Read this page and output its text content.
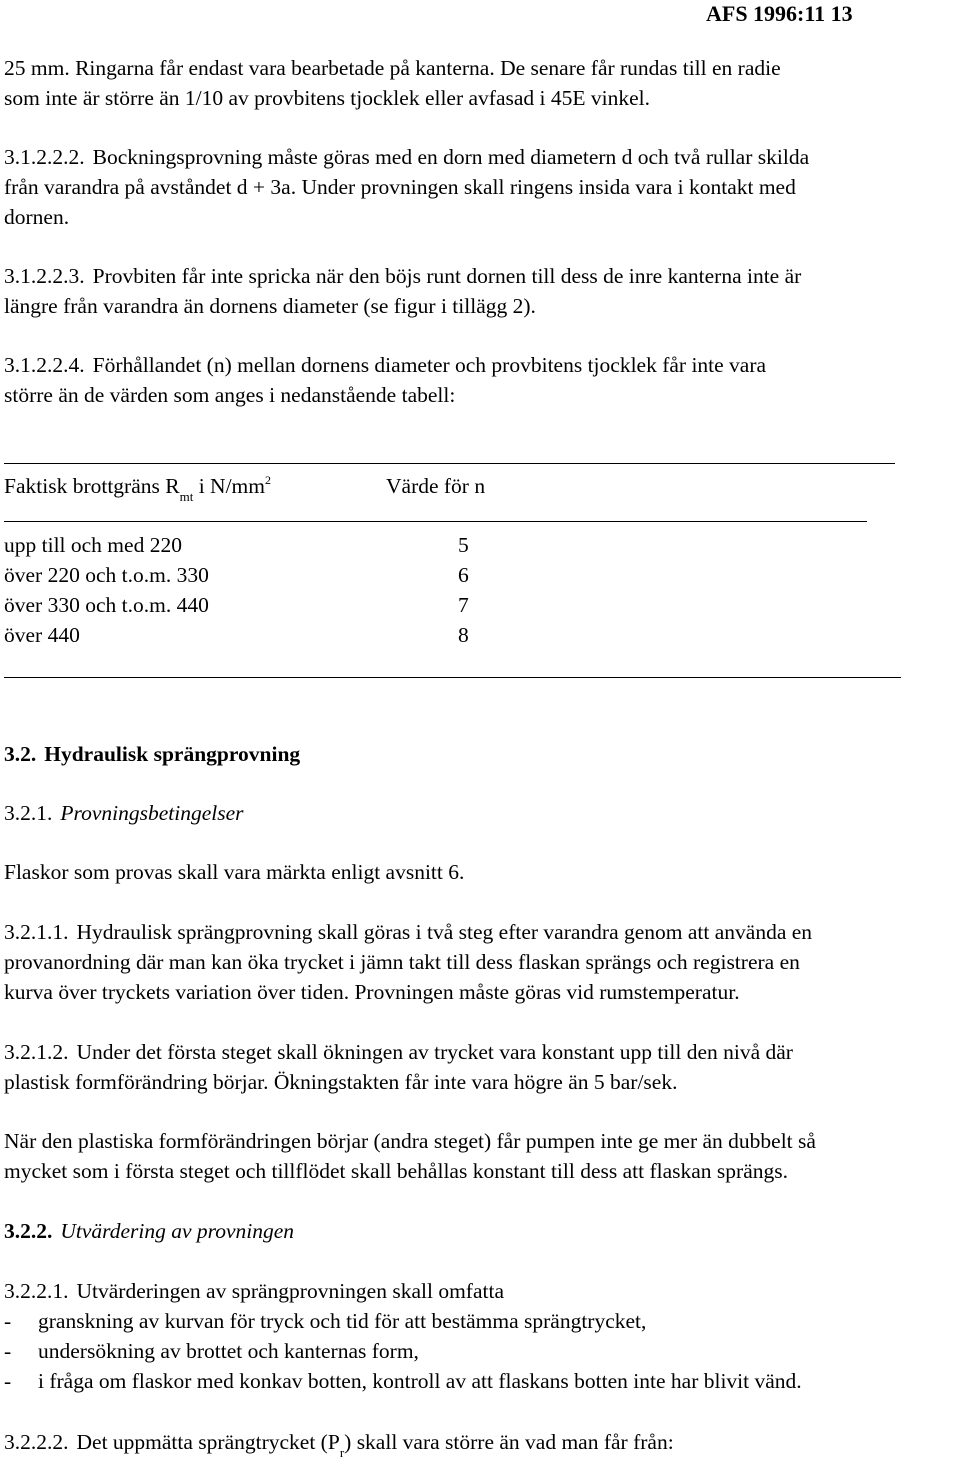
AFS 1996:11 13
25 mm. Ringarna får endast vara bearbetade på kanterna. De senare får rundas till en radie
som inte är större än 1/10 av provbitens tjocklek eller avfasad i 45E vinkel.
3.1.2.2.2. Bockningsprovning måste göras med en dorn med diametern d och två rullar skilda
från varandra på avståndet d + 3a. Under provningen skall ringens insida vara i kontakt med
dornen.
3.1.2.2.3. Provbiten får inte spricka när den böjs runt dornen till dess de inre kanterna inte är
längre från varandra än dornens diameter (se figur i tillägg 2).
3.1.2.2.4. Förhållandet (n) mellan dornens diameter och provbitens tjocklek får inte vara
större än de värden som anges i nedanstående tabell:
Faktisk brottgräns $R_{mt}$ i $N/mm^2$	Värde för n
upp till och med 220	5
över 220 och t.o.m. 330	6
över 330 och t.o.m. 440	7
över 440	8
3.2. Hydraulisk sprängprovning
3.2.1. Provningsbetingelser
Flaskor som provas skall vara märkta enligt avsnitt 6.
3.2.1.1. Hydraulisk sprängprovning skall göras i två steg efter varandra genom att använda en
provanordning där man kan öka trycket i jämn takt till dess flaskan sprängs och registrera en
kurva över tryckets variation över tiden. Provningen måste göras vid rumstemperatur.
3.2.1.2. Under det första steget skall ökningen av trycket vara konstant upp till den nivå där
plastisk formförändring börjar. Ökningstakten får inte vara högre än 5 bar/sek.
När den plastiska formförändringen börjar (andra steget) får pumpen inte ge mer än dubbelt så
mycket som i första steget och tillflödet skall behållas konstant till dess att flaskan sprängs.
3.2.2. Utvärdering av provningen
3.2.2.1. Utvärderingen av sprängprovningen skall omfatta
- granskning av kurvan för tryck och tid för att bestämma sprängtrycket,
- undersökning av brottet och kanternas form,
- i fråga om flaskor med konkav botten, kontroll av att flaskans botten inte har blivit vänd.
3.2.2.2. Det uppmätta sprängtrycket $(P_r)$ skall vara större än vad man får från:
